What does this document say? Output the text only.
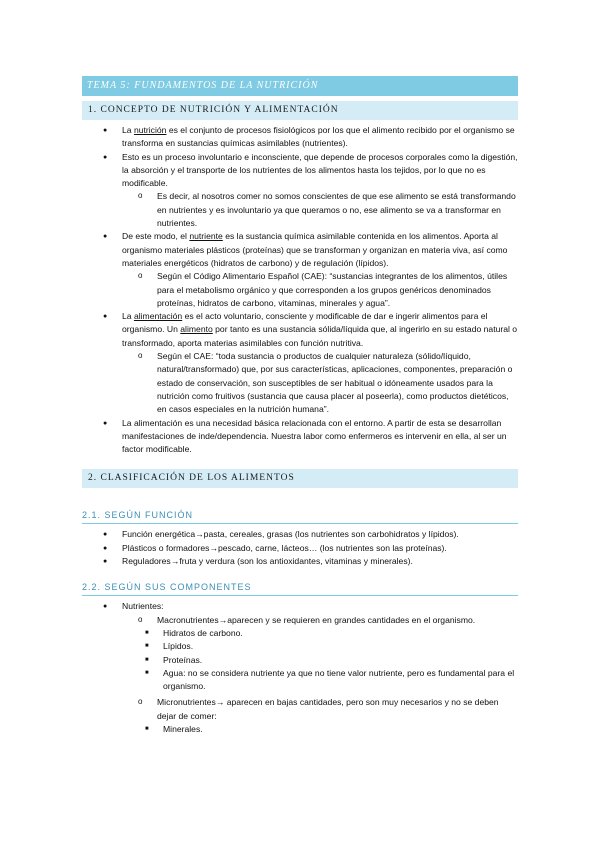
TEMA 5: FUNDAMENTOS DE LA NUTRICIÓN
1. CONCEPTO DE NUTRICIÓN Y ALIMENTACIÓN
● La nutrición es el conjunto de procesos fisiológicos por los que el alimento recibido por el organismo se transforma en sustancias químicas asimilables (nutrientes).
● Esto es un proceso involuntario e inconsciente, que depende de procesos corporales como la digestión, la absorción y el transporte de los nutrientes de los alimentos hasta los tejidos, por lo que no es modificable.
o Es decir, al nosotros comer no somos conscientes de que ese alimento se está transformando en nutrientes y es involuntario ya que queramos o no, ese alimento se va a transformar en nutrientes.
● De este modo, el nutriente es la sustancia química asimilable contenida en los alimentos. Aporta al organismo materiales plásticos (proteínas) que se transforman y organizan en materia viva, así como materiales energéticos (hidratos de carbono) y de regulación (lípidos).
o Según el Código Alimentario Español (CAE): “sustancias integrantes de los alimentos, útiles para el metabolismo orgánico y que corresponden a los grupos genéricos denominados proteínas, hidratos de carbono, vitaminas, minerales y agua”.
● La alimentación es el acto voluntario, consciente y modificable de dar e ingerir alimentos para el organismo. Un alimento por tanto es una sustancia sólida/líquida que, al ingerirlo en su estado natural o transformado, aporta materias asimilables con función nutritiva.
o Según el CAE: “toda sustancia o productos de cualquier naturaleza (sólido/líquido, natural/transformado) que, por sus características, aplicaciones, componentes, preparación o estado de conservación, son susceptibles de ser habitual o idóneamente usados para la nutrición como fruitivos (sustancia que causa placer al poseerla), como productos dietéticos, en casos especiales en la nutrición humana”.
● La alimentación es una necesidad básica relacionada con el entorno. A partir de esta se desarrollan manifestaciones de inde/dependencia. Nuestra labor como enfermeros es intervenir en ella, al ser un factor modificable.
2. CLASIFICACIÓN DE LOS ALIMENTOS
2.1. SEGÚN FUNCIÓN
● Función energética→pasta, cereales, grasas (los nutrientes son carbohidratos y lípidos).
● Plásticos o formadores→pescado, carne, lácteos… (los nutrientes son las proteínas).
● Reguladores→fruta y verdura (son los antioxidantes, vitaminas y minerales).
2.2. SEGÚN SUS COMPONENTES
● Nutrientes:
o Macronutrientes→aparecen y se requieren en grandes cantidades en el organismo.
■ Hidratos de carbono.
■ Lípidos.
■ Proteínas.
■ Agua: no se considera nutriente ya que no tiene valor nutriente, pero es fundamental para el organismo.
o Micronutrientes→ aparecen en bajas cantidades, pero son muy necesarios y no se deben dejar de comer:
■ Minerales.
